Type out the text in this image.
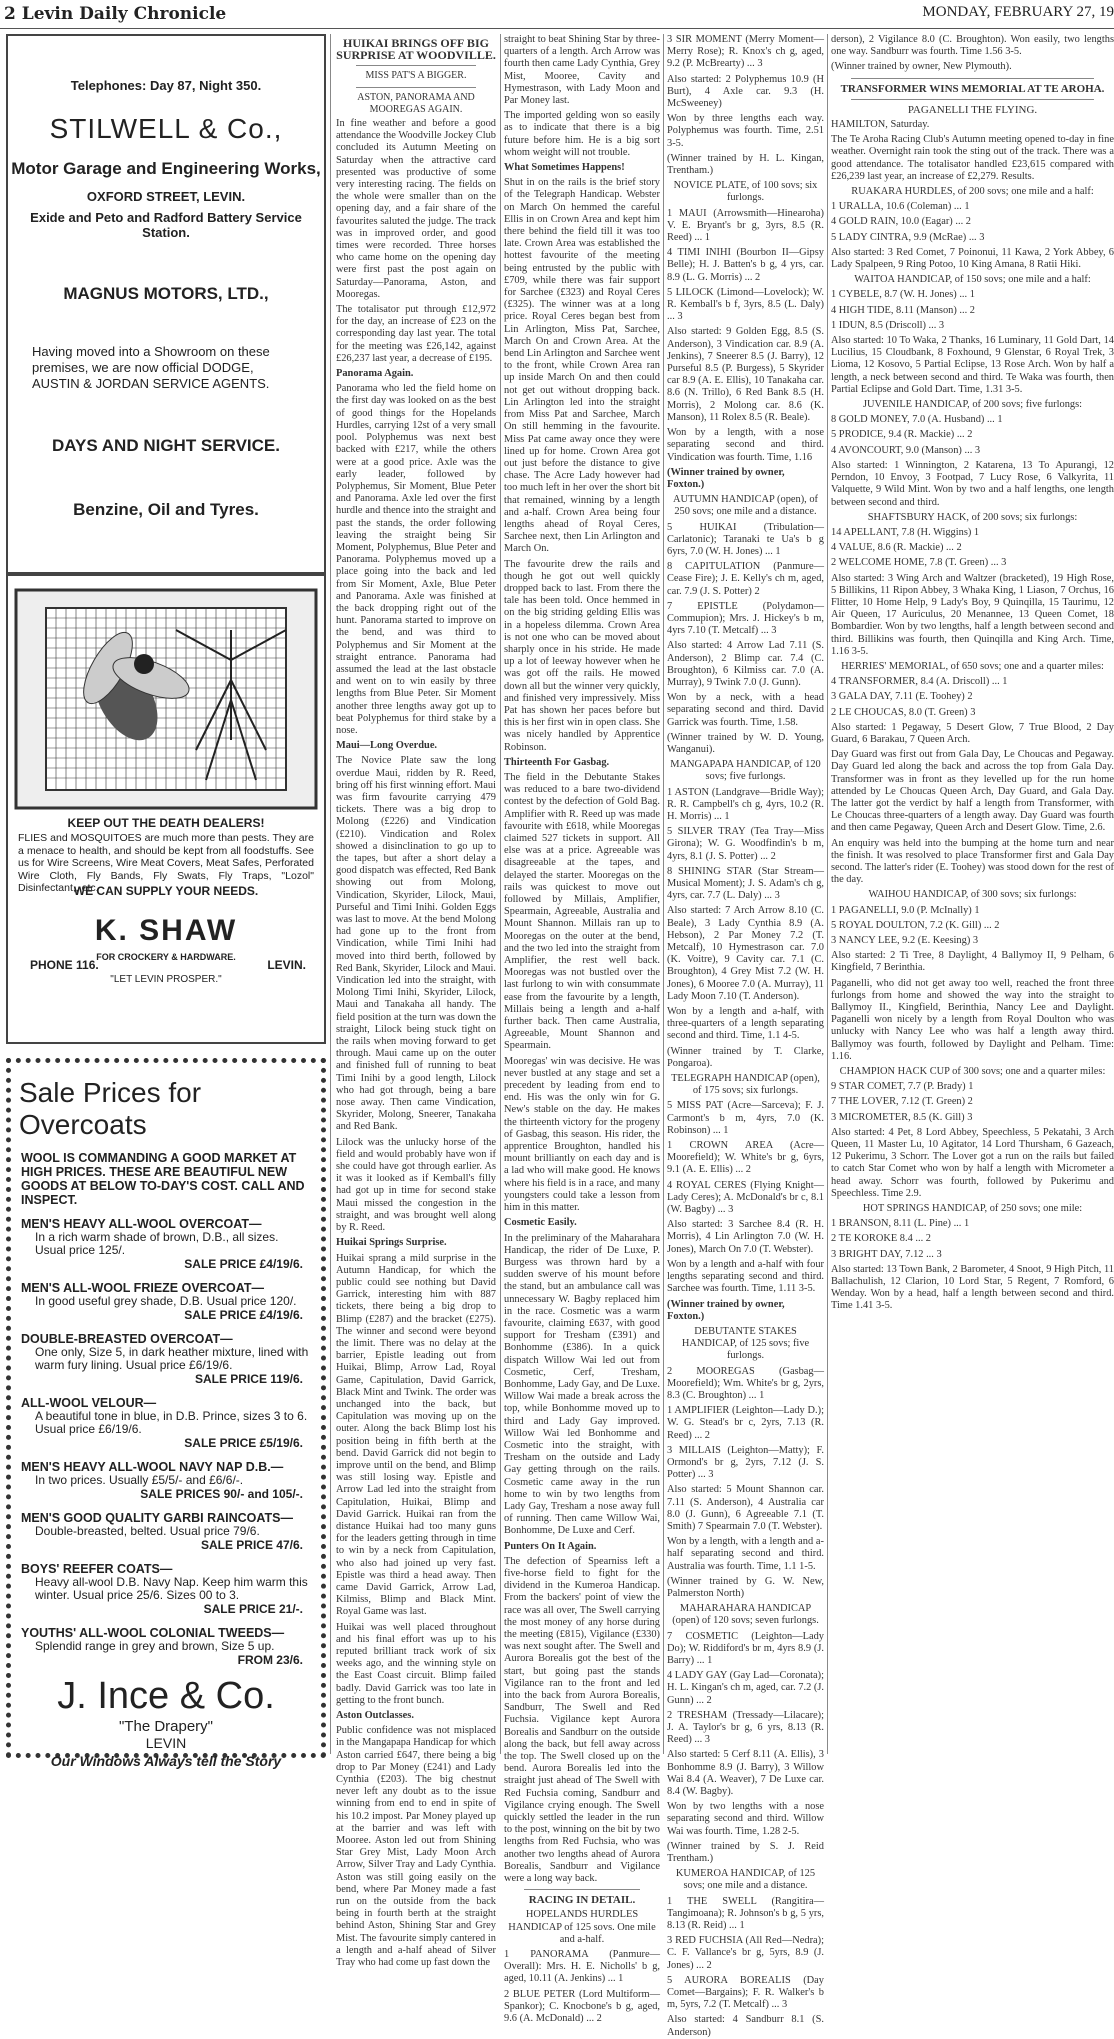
2 Levin Daily Chronicle	MONDAY, FEBRUARY 27, 19
Telephones: Day 87, Night 350.
STILWELL & Co.,
Motor Garage and Engineering Works,
OXFORD STREET, LEVIN.
Exide and Peto and Radford Battery Service Station.
MAGNUS MOTORS, LTD.,
Having moved into a Showroom on these premises, we are now official DODGE, AUSTIN & JORDAN SERVICE AGENTS.
DAYS AND NIGHT SERVICE.
Benzine, Oil and Tyres.
KEEP OUT THE DEATH DEALERS!
FLIES and MOSQUITOES are much more than pests. They are a menace to health, and should be kept from all foodstuffs. See us for Wire Screens, Wire Meat Covers, Meat Safes, Perforated Wire Cloth, Fly Bands, Fly Swats, Fly Traps, "Lozol" Disinfectant,, etc.
WE CAN SUPPLY YOUR NEEDS.
K. SHAW
PHONE 116.
FOR CROCKERY & HARDWARE.
LEVIN.
"LET LEVIN PROSPER."
Sale Prices for Overcoats
WOOL IS COMMANDING A GOOD MARKET AT HIGH PRICES. THESE ARE BEAUTIFUL NEW GOODS AT BELOW TO-DAY'S COST. CALL AND INSPECT.
MEN'S HEAVY ALL-WOOL OVERCOAT—
In a rich warm shade of brown, D.B., all sizes. Usual price 125/.
SALE PRICE £4/19/6.
MEN'S ALL-WOOL FRIEZE OVERCOAT—
In good useful grey shade, D.B. Usual price 120/.
SALE PRICE £4/19/6.
DOUBLE-BREASTED OVERCOAT—
One only, Size 5, in dark heather mixture, lined with warm fury lining. Usual price £6/19/6.
SALE PRICE 119/6.
ALL-WOOL VELOUR—
A beautiful tone in blue, in D.B. Prince, sizes 3 to 6. Usual price £6/19/6.
SALE PRICE £5/19/6.
MEN'S HEAVY ALL-WOOL NAVY NAP D.B.—
In two prices. Usually £5/5/- and £6/6/-.
SALE PRICES 90/- and 105/-.
MEN'S GOOD QUALITY GARBI RAINCOATS—
Double-breasted, belted. Usual price 79/6.
SALE PRICE 47/6.
BOYS' REEFER COATS—
Heavy all-wool D.B. Navy Nap. Keep him warm this winter. Usual price 25/6. Sizes 00 to 3.
SALE PRICE 21/-.
YOUTHS' ALL-WOOL COLONIAL TWEEDS—
Splendid range in grey and brown, Size 5 up.
FROM 23/6.
J. Ince & Co.
"The Drapery"
LEVIN
Our Windows Always tell the Story
HUIKAI BRINGS OFF BIG SURPRISE AT WOODVILLE.
MISS PAT'S A BIGGER.
ASTON, PANORAMA AND MOOREGAS AGAIN.

In fine weather and before a good attendance the Woodville Jockey Club concluded its Autumn Meeting on Saturday when the attractive card presented was productive of some very interesting racing. The fields on the whole were smaller than on the opening day, and a fair share of the favourites saluted the judge. The track was in improved order, and good times were recorded. Three horses who came home on the opening day were first past the post again on Saturday—Panorama, Aston, and Mooregas.

The totalisator put through £12,972 for the day, an increase of £23 on the corresponding day last year. The total for the meeting was £26,142, against £26,237 last year, a decrease of £195.

Panorama Again.

Panorama who led the field home on the first day was looked on as the best of good things for the Hopelands Hurdles, carrying 12st of a very small pool. Polyphemus was next best backed with £217, while the others were at a good price. Axle was the early leader, followed by Polyphemus, Sir Moment, Blue Peter and Panorama. Axle led over the first hurdle and thence into the straight and past the stands, the order following leaving the straight being Sir Moment, Polyphemus, Blue Peter and Panorama. Polyphemus moved up a place going into the back and led from Sir Moment, Axle, Blue Peter and Panorama. Axle was finished at the back dropping right out of the hunt. Panorama started to improve on the bend, and was third to Polyphemus and Sir Moment at the straight entrance. Panorama had assumed the lead at the last obstacle and went on to win easily by three lengths from Blue Peter. Sir Moment another three lengths away got up to beat Polyphemus for third stake by a nose.

Maui—Long Overdue.

The Novice Plate saw the long overdue Maui, ridden by R. Reed, bring off his first winning effort. Maui was firm favourite carrying 479 tickets. There was a big drop to Molong (£226) and Vindication (£210). Vindication and Rolex showed a disinclination to go up to the tapes, but after a short delay a good dispatch was effected, Red Bank showing out from Molong, Vindication, Skyrider, Lilock, Maui, Purseful and Timi Inihi. Golden Eggs was last to move. At the bend Molong had gone up to the front from Vindication, while Timi Inihi had moved into third berth, followed by Red Bank, Skyrider, Lilock and Maui. Vindication led into the straight, with Molong Timi Inihi, Skyrider, Lilock, Maui and Tanakaha all handy. The field position at the turn was down the straight, Lilock being stuck tight on the rails when moving forward to get through. Maui came up on the outer and finished full of running to beat Timi Inihi by a good length, Lilock who had got through, being a bare nose away. Then came Vindication, Skyrider, Molong, Sneerer, Tanakaha and Red Bank.

Lilock was the unlucky horse of the field and would probably have won if she could have got through earlier. As it was it looked as if Kemball's filly had got up in time for second stake Maui missed the congestion in the straight, and was brought well along by R. Reed.

Huikai Springs Surprise.

Huikai sprang a mild surprise in the Autumn Handicap, for which the public could see nothing but David Garrick, interesting him with 887 tickets, there being a big drop to Blimp (£287) and the bracket (£275). The winner and second were beyond the limit. There was no delay at the barrier, Epistle leading out from Huikai, Blimp, Arrow Lad, Royal Game, Capitulation, David Garrick, Black Mint and Twink. The order was unchanged into the back, but Capitulation was moving up on the outer. Along the back Blimp lost his position being in fifth berth at the bend. David Garrick did not begin to improve until on the bend, and Blimp was still losing way. Epistle and Arrow Lad led into the straight from Capitulation, Huikai, Blimp and David Garrick. Huikai ran from the distance Huikai had too many guns for the leaders getting through in time to win by a neck from Capitulation, who also had joined up very fast. Epistle was third a head away. Then came David Garrick, Arrow Lad, Kilmiss, Blimp and Black Mint. Royal Game was last.

Huikai was well placed throughout and his final effort was up to his reputed brilliant track work of six weeks ago, and the winning style on the East Coast circuit. Blimp failed badly. David Garrick was too late in getting to the front bunch.

Aston Outclasses.

Public confidence was not misplaced in the Mangapapa Handicap for which Aston carried £647, there being a big drop to Par Money (£241) and Lady Cynthia (£203). The big chestnut never left any doubt as to the issue winning from end to end in spite of his 10.2 impost. Par Money played up at the barrier and was left with Mooree. Aston led out from Shining Star Grey Mist, Lady Moon Arch Arrow, Silver Tray and Lady Cynthia. Aston was still going easily on the bend, where Par Money made a fast run on the outside from the back being in fourth berth at the straight behind Aston, Shining Star and Grey Mist. The favourite simply cantered in a length and a-half ahead of Silver Tray who had come up fast down the

straight to beat Shining Star by three-quarters of a length. Arch Arrow was fourth then came Lady Cynthia, Grey Mist, Mooree, Cavity and Hymestrason, with Lady Moon and Par Money last.

The imported gelding won so easily as to indicate that there is a big future before him. He is a big sort whom weight will not trouble.

What Sometimes Happens!

Shut in on the rails is the brief story of the Telegraph Handicap. Webster on March On hemmed the careful Ellis in on Crown Area and kept him there behind the field till it was too late. Crown Area was established the hottest favourite of the meeting being entrusted by the public with £709, while there was fair support for Sarchee (£323) and Royal Ceres (£325). The winner was at a long price. Royal Ceres began best from Lin Arlington, Miss Pat, Sarchee, March On and Crown Area. At the bend Lin Arlington and Sarchee went to the front, while Crown Area ran up inside March On and then could not get out without dropping back. Lin Arlington led into the straight from Miss Pat and Sarchee, March On still hemming in the favourite. Miss Pat came away once they were lined up for home. Crown Area got out just before the distance to give chase. The Acre Lady however had too much left in her over the short bit that remained, winning by a length and a-half. Crown Area being four lengths ahead of Royal Ceres, Sarchee next, then Lin Arlington and March On.

The favourite drew the rails and though he got out well quickly dropped back to last. From there the tale has been told. Once hemmed in on the big striding gelding Ellis was in a hopeless dilemma. Crown Area is not one who can be moved about sharply once in his stride. He made up a lot of leeway however when he was got off the rails. He mowed down all but the winner very quickly, and finished very impressively. Miss Pat has shown her paces before but this is her first win in open class. She was nicely handled by Apprentice Robinson.

Thirteenth For Gasbag.

The field in the Debutante Stakes was reduced to a bare two-dividend contest by the defection of Gold Bag. Amplifier with R. Reed up was made favourite with £618, while Mooregas claimed 527 tickets in support. All else was at a price. Agreeable was disagreeable at the tapes, and delayed the starter. Mooregas on the rails was quickest to move out followed by Millais, Amplifier, Spearmain, Agreeable, Australia and Mount Shannon. Millais ran up to Mooregas on the outer at the bend, and the two led into the straight from Amplifier, the rest well back. Mooregas was not bustled over the last furlong to win with consummate ease from the favourite by a length, Millais being a length and a-half further back. Then came Australia, Agreeable, Mount Shannon and Spearmain.

Mooregas' win was decisive. He was never bustled at any stage and set a precedent by leading from end to end. His was the only win for G. New's stable on the day. He makes the thirteenth victory for the progeny of Gasbag, this season. His rider, the apprentice Broughton, handled his mount brilliantly on each day and is a lad who will make good. He knows where his field is in a race, and many youngsters could take a lesson from him in this matter.

Cosmetic Easily.

In the preliminary of the Maharahara Handicap, the rider of De Luxe, P. Burgess was thrown hard by a sudden swerve of his mount before the stand, but an ambulance call was unnecessary W. Bagby replaced him in the race. Cosmetic was a warm favourite, claiming £637, with good support for Tresham (£391) and Bonhomme (£386). In a quick dispatch Willow Wai led out from Cosmetic, Cerf, Tresham, Bonhomme, Lady Gay, and De Luxe. Willow Wai made a break across the top, while Bonhomme moved up to third and Lady Gay improved. Willow Wai led Bonhomme and Cosmetic into the straight, with Tresham on the outside and Lady Gay getting through on the rails. Cosmetic came away in the run home to win by two lengths from Lady Gay, Tresham a nose away full of running. Then came Willow Wai, Bonhomme, De Luxe and Cerf.

Punters On It Again.

The defection of Spearniss left a five-horse field to fight for the dividend in the Kumeroa Handicap. From the backers' point of view the race was all over, The Swell carrying the most money of any horse during the meeting (£815), Vigilance (£330) was next sought after. The Swell and Aurora Borealis got the best of the start, but going past the stands Vigilance ran to the front and led into the back from Aurora Borealis, Sandburr, The Swell and Red Fuchsia. Vigilance kept Aurora Borealis and Sandburr on the outside along the back, but fell away across the top. The Swell closed up on the bend. Aurora Borealis led into the straight just ahead of The Swell with Red Fuchsia coming, Sandburr and Vigilance crying enough. The Swell quickly settled the leader in the run to the post, winning on the bit by two lengths from Red Fuchsia, who was another two lengths ahead of Aurora Borealis, Sandburr and Vigilance were a long way back.

RACING IN DETAIL.

HOPELANDS HURDLES HANDICAP of 125 sovs. One mile and a-half.

1 PANORAMA (Panmure—Overall): Mrs. H. E. Nicholls' b g, aged, 10.11 (A. Jenkins) ... 1

2 BLUE PETER (Lord Multiform—Spankor); C. Knocbone's b g, aged, 9.6 (A. McDonald) ... 2

3 SIR MOMENT (Merry Moment—Merry Rose); R. Knox's ch g, aged, 9.2 (P. McBrearty) ... 3

Also started: 2 Polyphemus 10.9 (H Burt), 4 Axle car. 9.3 (H. McSweeney)

Won by three lengths each way. Polyphemus was fourth. Time, 2.51 3-5.

(Winner trained by H. L. Kingan, Trentham.)

NOVICE PLATE, of 100 sovs; six furlongs.

1 MAUI (Arrowsmith—Hinearoha) V. E. Bryant's br g, 3yrs, 8.5 (R. Reed) ... 1

4 TIMI INIHI (Bourbon II—Gipsy Belle); H. J. Batten's b g, 4 yrs, car. 8.9 (L. G. Morris) ... 2

5 LILOCK (Limond—Lovelock); W. R. Kemball's b f, 3yrs, 8.5 (L. Daly) ... 3

Also started: 9 Golden Egg, 8.5 (S. Anderson), 3 Vindication car. 8.9 (A. Jenkins), 7 Sneerer 8.5 (J. Barry), 12 Purseful 8.5 (P. Burgess), 5 Skyrider car 8.9 (A. E. Ellis), 10 Tanakaha car. 8.6 (N. Trillo), 6 Red Bank 8.5 (H. Morris), 2 Molong car. 8.6 (K. Manson), 11 Rolex 8.5 (R. Beale).

Won by a length, with a nose separating second and third. Vindication was fourth. Time, 1.16

(Winner trained by owner, Foxton.)

AUTUMN HANDICAP (open), of 250 sovs; one mile and a distance.

5 HUIKAI (Tribulation—Carlatonic); Taranaki te Ua's b g 6yrs, 7.0 (W. H. Jones) ... 1

8 CAPITULATION (Panmure—Cease Fire); J. E. Kelly's ch m, aged, car. 7.9 (J. S. Potter) 2

7 EPISTLE (Polydamon—Commupion); Mrs. J. Hickey's b m, 4yrs 7.10 (T. Metcalf) ... 3

Also started: 4 Arrow Lad 7.11 (S. Anderson), 2 Blimp car. 7.4 (C. Broughton), 6 Kilmiss car. 7.0 (A. Murray), 9 Twink 7.0 (J. Gunn).

Won by a neck, with a head separating second and third. David Garrick was fourth. Time, 1.58.

(Winner trained by W. D. Young, Wanganui).

MANGAPAPA HANDICAP, of 120 sovs; five furlongs.

1 ASTON (Landgrave—Bridle Way); R. R. Campbell's ch g, 4yrs, 10.2 (R. H. Morris) ... 1

5 SILVER TRAY (Tea Tray—Miss Girona); W. G. Woodfindin's b m, 4yrs, 8.1 (J. S. Potter) ... 2

8 SHINING STAR (Star Stream—Musical Moment); J. S. Adam's ch g, 4yrs, car. 7.7 (L. Daly) ... 3

Also started: 7 Arch Arrow 8.10 (C. Beale), 3 Lady Cynthia 8.9 (A. Hebson), 2 Par Money 7.2 (T. Metcalf), 10 Hymestrason car. 7.0 (K. Voitre), 9 Cavity car. 7.1 (C. Broughton), 4 Grey Mist 7.2 (W. H. Jones), 6 Mooree 7.0 (A. Murray), 11 Lady Moon 7.10 (T. Anderson).

Won by a length and a-half, with three-quarters of a length separating second and third. Time, 1.1 4-5.

(Winner trained by T. Clarke, Pongaroa).

TELEGRAPH HANDICAP (open), of 175 sovs; six furlongs.

5 MISS PAT (Acre—Sarceva); F. J. Carmont's b m, 4yrs, 7.0 (K. Robinson) ... 1

1 CROWN AREA (Acre—Moorefield); W. White's br g, 6yrs, 9.1 (A. E. Ellis) ... 2

4 ROYAL CERES (Flying Knight—Lady Ceres); A. McDonald's br c, 8.1 (W. Bagby) ... 3

Also started: 3 Sarchee 8.4 (R. H. Morris), 4 Lin Arlington 7.0 (W. H. Jones), March On 7.0 (T. Webster).

Won by a length and a-half with four lengths separating second and third. Sarchee was fourth. Time, 1.11 3-5.

(Winner trained by owner, Foxton.)

DEBUTANTE STAKES HANDICAP, of 125 sovs; five furlongs.

2 MOOREGAS (Gasbag—Moorefield); Wm. White's br g, 2yrs, 8.3 (C. Broughton) ... 1

1 AMPLIFIER (Leighton—Lady D.); W. G. Stead's br c, 2yrs, 7.13 (R. Reed) ... 2

3 MILLAIS (Leighton—Matty); F. Ormond's br g, 2yrs, 7.12 (J. S. Potter) ... 3

Also started: 5 Mount Shannon car. 7.11 (S. Anderson), 4 Australia car 8.0 (J. Gunn), 6 Agreeable 7.1 (T. Smith) 7 Spearmain 7.0 (T. Webster).

Won by a length, with a length and a-half separating second and third. Australia was fourth. Time, 1.1 1-5.

(Winner trained by G. W. New, Palmerston North)

MAHARAHARA HANDICAP (open) of 120 sovs; seven furlongs.

7 COSMETIC (Leighton—Lady Do); W. Riddiford's br m, 4yrs 8.9 (J. Barry) ... 1

4 LADY GAY (Gay Lad—Coronata); H. L. Kingan's ch m, aged, car. 7.2 (J. Gunn) ... 2

2 TRESHAM (Tressady—Lilacare); J. A. Taylor's br g, 6 yrs, 8.13 (R. Reed) ... 3

Also started: 5 Cerf 8.11 (A. Ellis), 3 Bonhomme 8.9 (J. Barry), 3 Willow Wai 8.4 (A. Weaver), 7 De Luxe car. 8.4 (W. Bagby).

Won by two lengths with a nose separating second and third. Willow Wai was fourth. Time, 1.28 2-5.

(Winner trained by S. J. Reid Trentham.)

KUMEROA HANDICAP, of 125 sovs; one mile and a distance.

1 THE SWELL (Rangitira—Tangimoana); R. Johnson's b g, 5 yrs, 8.13 (R. Reid) ... 1

3 RED FUCHSIA (All Red—Nedra); C. F. Vallance's br g, 5yrs, 8.9 (J. Jones) ... 2

5 AURORA BOREALIS (Day Comet—Bargains); F. R. Walker's b m, 5yrs, 7.2 (T. Metcalf) ... 3

Also started: 4 Sandburr 8.1 (S. Anderson)

derson), 2 Vigilance 8.0 (C. Broughton). Won easily, two lengths one way. Sandburr was fourth. Time 1.56 3-5.

(Winner trained by owner, New Plymouth).

TRANSFORMER WINS MEMORIAL AT TE AROHA.
PAGANELLI THE FLYING.

HAMILTON, Saturday.

The Te Aroha Racing Club's Autumn meeting opened to-day in fine weather. Overnight rain took the sting out of the track. There was a good attendance. The totalisator handled £23,615 compared with £26,239 last year, an increase of £2,279. Results.

RUAKARA HURDLES, of 200 sovs; one mile and a half:

1 URALLA, 10.6 (Coleman) ... 1

4 GOLD RAIN, 10.0 (Eagar) ... 2

5 LADY CINTRA, 9.9 (McRae) ... 3

Also started: 3 Red Comet, 7 Poinonui, 11 Kawa, 2 York Abbey, 6 Lady Spalpeen, 9 Ring Potoo, 10 King Amana, 8 Ratii Hiki.

WAITOA HANDICAP, of 150 sovs; one mile and a half:

1 CYBELE, 8.7 (W. H. Jones) ... 1

4 HIGH TIDE, 8.11 (Manson) ... 2

1 IDUN, 8.5 (Driscoll) ... 3

Also started: 10 To Waka, 2 Thanks, 16 Luminary, 11 Gold Dart, 14 Lucilius, 15 Cloudbank, 8 Foxhound, 9 Glenstar, 6 Royal Trek, 3 Lioma, 12 Kosovo, 5 Partial Eclipse, 13 Rose Arch. Won by half a length, a neck between second and third. Te Waka was fourth, then Partial Eclipse and Gold Dart. Time, 1.31 3-5.

JUVENILE HANDICAP, of 200 sovs; five furlongs:

8 GOLD MONEY, 7.0 (A. Husband) ... 1

5 PRODICE, 9.4 (R. Mackie) ... 2

4 AVONCOURT, 9.0 (Manson) ... 3

Also started: 1 Winnington, 2 Katarena, 13 To Apurangi, 12 Perndon, 10 Envoy, 3 Footpad, 7 Lucy Rose, 6 Valkyrita, 11 Valquette, 9 Wild Mint. Won by two and a half lengths, one length between second and third.

SHAFTSBURY HACK, of 200 sovs; six furlongs:

14 APELLANT, 7.8 (H. Wiggins) 1

4 VALUE, 8.6 (R. Mackie) ... 2

2 WELCOME HOME, 7.8 (T. Green) ... 3

Also started: 3 Wing Arch and Waltzer (bracketed), 19 High Rose, 5 Billikins, 11 Ripon Abbey, 3 Whaka King, 1 Liason, 7 Orchus, 16 Flitter, 10 Home Help, 9 Lady's Boy, 9 Quinqilla, 15 Taurimu, 12 Air Queen, 17 Auriculus, 20 Menannee, 13 Queen Comet, 18 Bombardier. Won by two lengths, half a length between second and third. Billikins was fourth, then Quinqilla and King Arch. Time, 1.16 3-5.

HERRIES' MEMORIAL, of 650 sovs; one and a quarter miles:

4 TRANSFORMER, 8.4 (A. Driscoll) ... 1

3 GALA DAY, 7.11 (E. Toohey) 2

2 LE CHOUCAS, 8.0 (T. Green) 3

Also started: 1 Pegaway, 5 Desert Glow, 7 True Blood, 2 Day Guard, 6 Barakau, 7 Queen Arch.

Day Guard was first out from Gala Day, Le Choucas and Pegaway. Day Guard led along the back and across the top from Gala Day. Transformer was in front as they levelled up for the run home attended by Le Choucas Queen Arch, Day Guard, and Gala Day. The latter got the verdict by half a length from Transformer, with Le Choucas three-quarters of a length away. Day Guard was fourth and then came Pegaway, Queen Arch and Desert Glow. Time, 2.6.

An enquiry was held into the bumping at the home turn and near the finish. It was resolved to place Transformer first and Gala Day second. The latter's rider (E. Toohey) was stood down for the rest of the day.

WAIHOU HANDICAP, of 300 sovs; six furlongs:

1 PAGANELLI, 9.0 (P. McInally) 1

5 ROYAL DOULTON, 7.2 (K. Gill) ... 2

3 NANCY LEE, 9.2 (E. Keesing) 3

Also started: 2 Ti Tree, 8 Daylight, 4 Ballymoy II, 9 Pelham, 6 Kingfield, 7 Berinthia.

Paganelli, who did not get away too well, reached the front three furlongs from home and showed the way into the straight to Ballymoy II., Kingfield, Berinthia, Nancy Lee and Daylight. Paganelli won nicely by a length from Royal Doulton who was unlucky with Nancy Lee who was half a length away third. Ballymoy was fourth, followed by Daylight and Pelham. Time: 1.16.

CHAMPION HACK CUP of 300 sovs; one and a quarter miles:

9 STAR COMET, 7.7 (P. Brady) 1

7 THE LOVER, 7.12 (T. Green) 2

3 MICROMETER, 8.5 (K. Gill) 3

Also started: 4 Pet, 8 Lord Abbey, Speechless, 5 Pekatahi, 3 Arch Queen, 11 Master Lu, 10 Agitator, 14 Lord Thursham, 6 Gazeach, 12 Pukerimu, 3 Schorr. The Lover got a run on the rails but failed to catch Star Comet who won by half a length with Micrometer a head away. Schorr was fourth, followed by Pukerimu and Speechless. Time 2.9.

HOT SPRINGS HANDICAP, of 250 sovs; one mile:

1 BRANSON, 8.11 (L. Pine) ... 1

2 TE KOROKE 8.4 ... 2

3 BRIGHT DAY, 7.12 ... 3

Also started: 13 Town Bank, 2 Barometer, 4 Snoot, 9 High Pitch, 11 Ballachulish, 12 Clarion, 10 Lord Star, 5 Regent, 7 Romford, 6 Wenday. Won by a head, half a length between second and third. Time 1.41 3-5.
